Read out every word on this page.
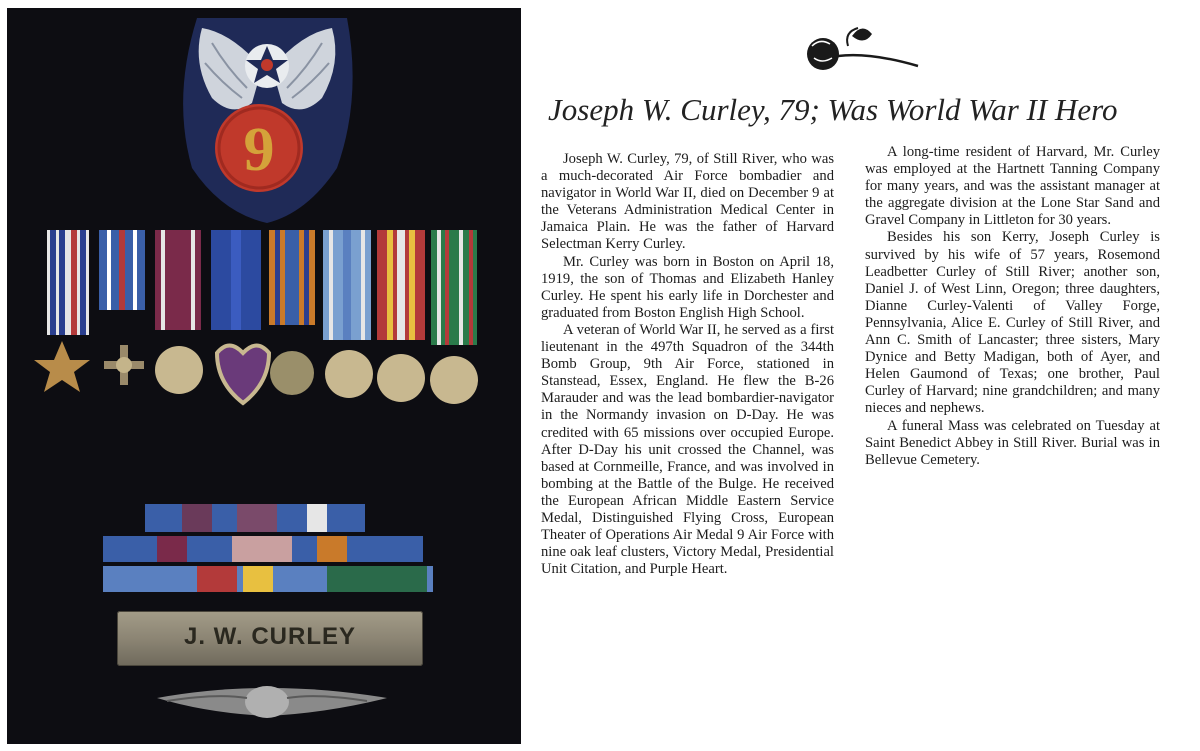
9
J. W. CURLEY
Joseph W. Curley, 79; Was World War II Hero

Joseph W. Curley, 79, of Still River, who was a much-decorated Air Force bombadier and navigator in World War II, died on December 9 at the Veterans Administration Medical Center in Jamaica Plain. He was the father of Harvard Selectman Kerry Curley.

Mr. Curley was born in Boston on April 18, 1919, the son of Thomas and Elizabeth Hanley Curley. He spent his early life in Dorchester and graduated from Boston English High School.

A veteran of World War II, he served as a first lieutenant in the 497th Squadron of the 344th Bomb Group, 9th Air Force, stationed in Stanstead, Essex, England. He flew the B-26 Marauder and was the lead bombardier-navigator in the Normandy invasion on D-Day. He was credited with 65 missions over occupied Europe. After D-Day his unit crossed the Channel, was based at Cornmeille, France, and was involved in bombing at the Battle of the Bulge. He received the European African Middle Eastern Service Medal, Distinguished Flying Cross, European Theater of Operations Air Medal 9 Air Force with nine oak leaf clusters, Victory Medal, Presidential Unit Citation, and Purple Heart.

A long-time resident of Harvard, Mr. Curley was employed at the Hartnett Tanning Company for many years, and was the assistant manager at the aggregate division at the Lone Star Sand and Gravel Company in Littleton for 30 years.

Besides his son Kerry, Joseph Curley is survived by his wife of 57 years, Rosemond Leadbetter Curley of Still River; another son, Daniel J. of West Linn, Oregon; three daughters, Dianne Curley-Valenti of Valley Forge, Pennsylvania, Alice E. Curley of Still River, and Ann C. Smith of Lancaster; three sisters, Mary Dynice and Betty Madigan, both of Ayer, and Helen Gaumond of Texas; one brother, Paul Curley of Harvard; nine grandchildren; and many nieces and nephews.

A funeral Mass was celebrated on Tuesday at Saint Benedict Abbey in Still River. Burial was in Bellevue Cemetery.
